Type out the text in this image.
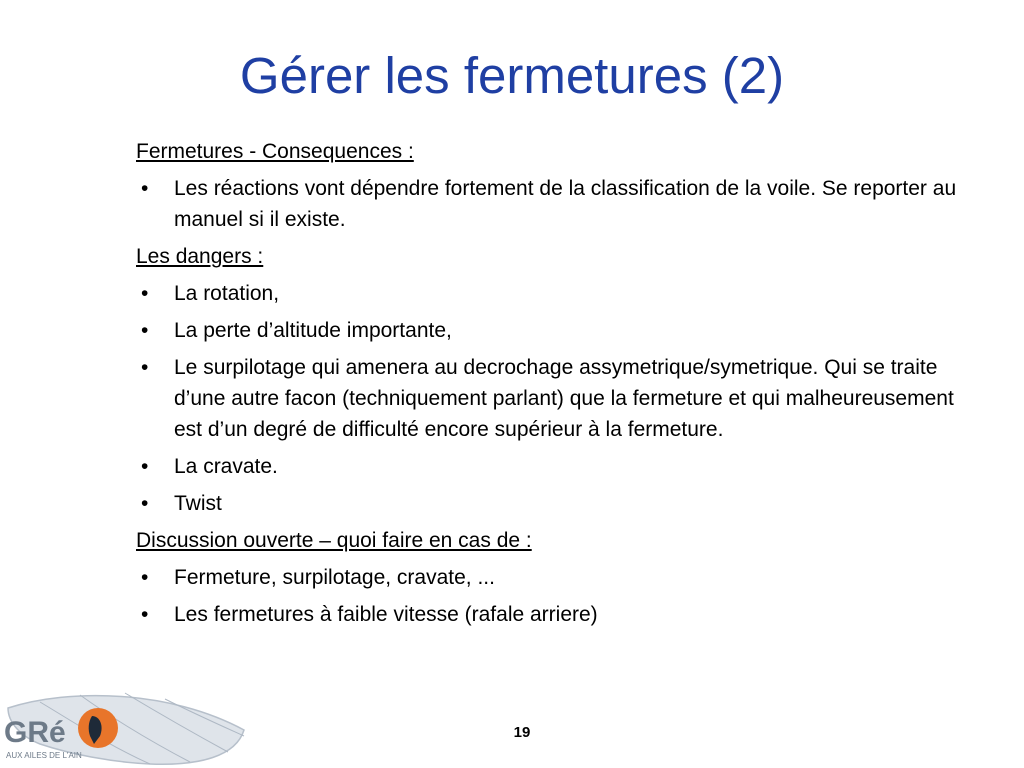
Gérer les fermetures (2)

Fermetures - Consequences :

•	Les réactions vont dépendre fortement de la classification de la voile. Se reporter au manuel si il existe.

Les dangers :

•	La rotation,
•	La perte d’altitude importante,
•	Le surpilotage qui amenera au decrochage assymetrique/symetrique. Qui se traite d’une autre facon (techniquement parlant) que la fermeture et qui malheureusement est d’un degré de difficulté encore supérieur à la fermeture.
•	La cravate.
•	Twist

Discussion ouverte – quoi faire en cas de :

•	Fermeture, surpilotage, cravate, ...
•	Les fermetures à faible vitesse (rafale arriere)
GRé
AUX AILES DE L'AIN
19
